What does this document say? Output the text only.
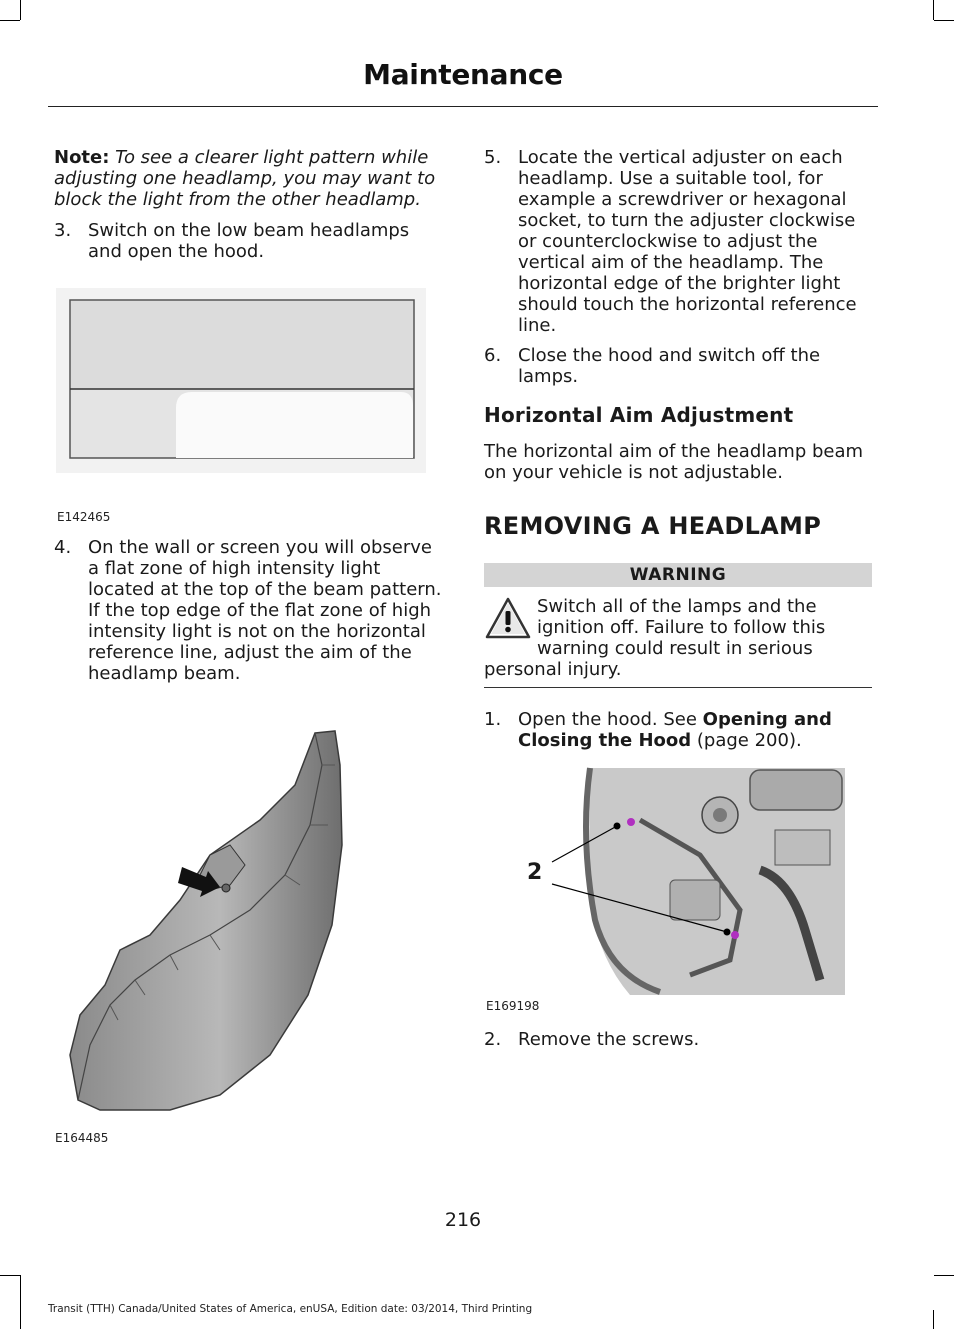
Maintenance
Note: To see a clearer light pattern while adjusting one headlamp, you may want to block the light from the other headlamp.
3. Switch on the low beam headlamps and open the hood.
E142465
4. On the wall or screen you will observe a flat zone of high intensity light located at the top of the beam pattern. If the top edge of the flat zone of high intensity light is not on the horizontal reference line, adjust the aim of the headlamp beam.
E164485
5. Locate the vertical adjuster on each headlamp. Use a suitable tool, for example a screwdriver or hexagonal socket, to turn the adjuster clockwise or counterclockwise to adjust the vertical aim of the headlamp. The horizontal edge of the brighter light should touch the horizontal reference line.
6. Close the hood and switch off the lamps.
Horizontal Aim Adjustment
The horizontal aim of the headlamp beam on your vehicle is not adjustable.
REMOVING A HEADLAMP
WARNING
Switch all of the lamps and the
ignition off. Failure to follow this
warning could result in serious
personal injury.
1. Open the hood. See Opening and Closing the Hood (page 200).
2
E169198
2. Remove the screws.
216
Transit (TTH) Canada/United States of America, enUSA, Edition date: 03/2014, Third Printing
